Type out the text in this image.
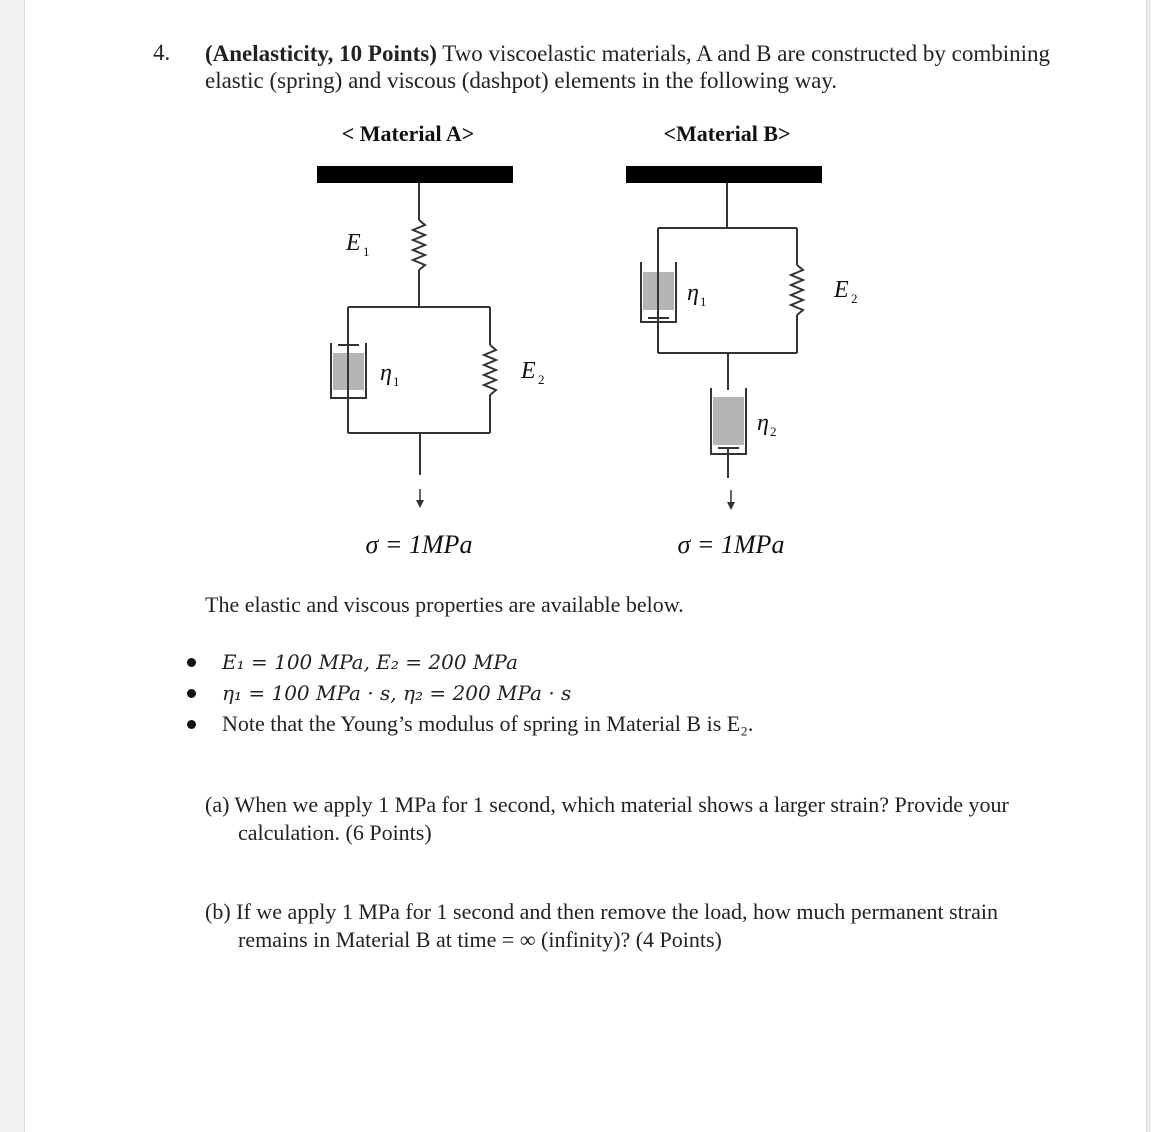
4. (Anelasticity, 10 Points) Two viscoelastic materials, A and B are constructed by combining elastic (spring) and viscous (dashpot) elements in the following way.
< Material A>
E 1
η 1	E 2
σ = 1MPa
<Material B>
η 1	E 2
η 2
σ = 1MPa
The elastic and viscous properties are available below.
E₁ = 100 MPa, E₂ = 200 MPa
η₁ = 100 MPa · s, η₂ = 200 MPa · s
Note that the Young’s modulus of spring in Material B is E₂.
(a) When we apply 1 MPa for 1 second, which material shows a larger strain? Provide your calculation. (6 Points)
(b) If we apply 1 MPa for 1 second and then remove the load, how much permanent strain remains in Material B at time = ∞ (infinity)? (4 Points)
